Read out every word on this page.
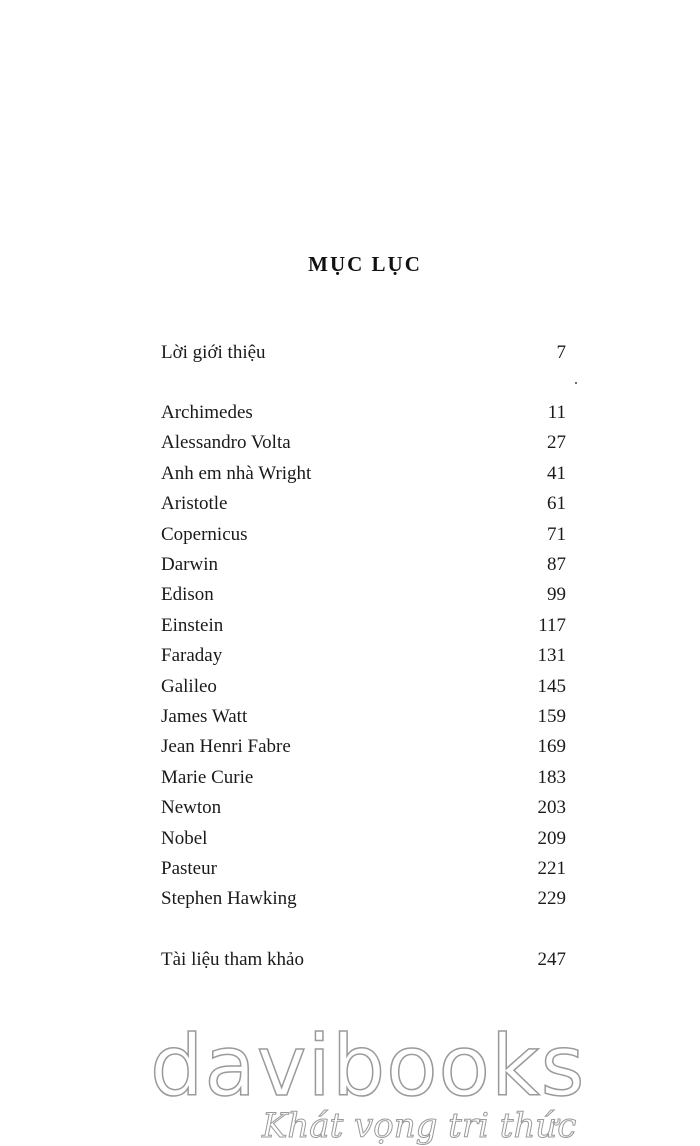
MỤC LỤC
Lời giới thiệu	7
Archimedes	11
Alessandro Volta	27
Anh em nhà Wright	41
Aristotle	61
Copernicus	71
Darwin	87
Edison	99
Einstein	117
Faraday	131
Galileo	145
James Watt	159
Jean Henri Fabre	169
Marie Curie	183
Newton	203
Nobel	209
Pasteur	221
Stephen Hawking	229
Tài liệu tham khảo	247
davibooks
Khát vọng tri thức
